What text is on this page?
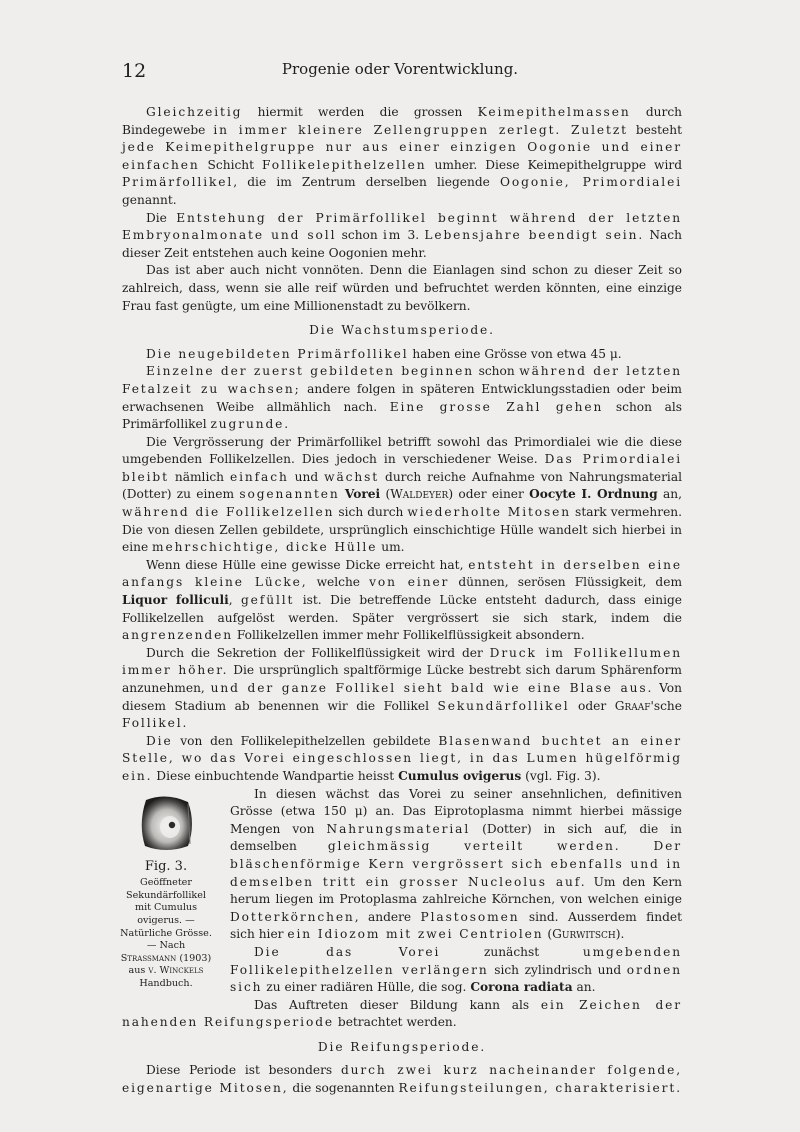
12	Progenie oder Vorentwicklung.

Gleichzeitig hiermit werden die grossen Keimepithelmassen durch Bindegewebe in immer kleinere Zellengruppen zerlegt. Zuletzt besteht jede Keimepithelgruppe nur aus einer einzigen Oogonie und einer einfachen Schicht Follikelepithelzellen umher. Diese Keimepithelgruppe wird Primärfollikel, die im Zentrum derselben liegende Oogonie, Primordialei genannt.

Die Entstehung der Primärfollikel beginnt während der letzten Embryonalmonate und soll schon im 3. Lebensjahre beendigt sein. Nach dieser Zeit entstehen auch keine Oogonien mehr.

Das ist aber auch nicht vonnöten. Denn die Eianlagen sind schon zu dieser Zeit so zahlreich, dass, wenn sie alle reif würden und befruchtet werden könnten, eine einzige Frau fast genügte, um eine Millionenstadt zu bevölkern.

Die Wachstumsperiode.

Die neugebildeten Primärfollikel haben eine Grösse von etwa 45 μ.

Einzelne der zuerst gebildeten beginnen schon während der letzten Fetalzeit zu wachsen; andere folgen in späteren Entwicklungsstadien oder beim erwachsenen Weibe allmählich nach. Eine grosse Zahl gehen schon als Primärfollikel zugrunde.

Die Vergrösserung der Primärfollikel betrifft sowohl das Primordialei wie die diese umgebenden Follikelzellen. Dies jedoch in verschiedener Weise. Das Primordialei bleibt nämlich einfach und wächst durch reiche Aufnahme von Nahrungsmaterial (Dotter) zu einem sogenannten Vorei (Waldeyer) oder einer Oocyte I. Ordnung an, während die Follikelzellen sich durch wiederholte Mitosen stark vermehren. Die von diesen Zellen gebildete, ursprünglich einschichtige Hülle wandelt sich hierbei in eine mehrschichtige, dicke Hülle um.

Wenn diese Hülle eine gewisse Dicke erreicht hat, entsteht in derselben eine anfangs kleine Lücke, welche von einer dünnen, serösen Flüssigkeit, dem Liquor folliculi, gefüllt ist. Die betreffende Lücke entsteht dadurch, dass einige Follikelzellen aufgelöst werden. Später vergrössert sie sich stark, indem die angrenzenden Follikelzellen immer mehr Follikelflüssigkeit absondern.

Durch die Sekretion der Follikelflüssigkeit wird der Druck im Follikellumen immer höher. Die ursprünglich spaltförmige Lücke bestrebt sich darum Sphärenform anzunehmen, und der ganze Follikel sieht bald wie eine Blase aus. Von diesem Stadium ab benennen wir die Follikel Sekundärfollikel oder Graaf'sche Follikel.

Die von den Follikelepithelzellen gebildete Blasenwand buchtet an einer Stelle, wo das Vorei eingeschlossen liegt, in das Lumen hügelförmig ein. Diese einbuchtende Wandpartie heisst Cumulus ovigerus (vgl. Fig. 3).

Fig. 3.
Geöffneter Sekundärfollikel mit Cumulus ovigerus. — Natürliche Grösse. — Nach
Strassmann (1903) aus v. Winckels Handbuch.

In diesen wächst das Vorei zu seiner ansehnlichen, definitiven Grösse (etwa 150 μ) an. Das Eiprotoplasma nimmt hierbei mässige Mengen von Nahrungsmaterial (Dotter) in sich auf, die in demselben gleichmässig verteilt werden. Der bläschenförmige Kern vergrössert sich ebenfalls und in demselben tritt ein grosser Nucleolus auf. Um den Kern herum liegen im Protoplasma zahlreiche Körnchen, von welchen einige Dotterkörnchen, andere Plastosomen sind. Ausserdem findet sich hier ein Idiozom mit zwei Centriolen (Gurwitsch).

Die das Vorei zunächst umgebenden Follikelepithelzellen verlängern sich zylindrisch und ordnen sich zu einer radiären Hülle, die sog. Corona radiata an.

Das Auftreten dieser Bildung kann als ein Zeichen der nahenden Reifungsperiode betrachtet werden.

Die Reifungsperiode.

Diese Periode ist besonders durch zwei kurz nacheinander folgende, eigenartige Mitosen, die sogenannten Reifungsteilungen, charakterisiert.
